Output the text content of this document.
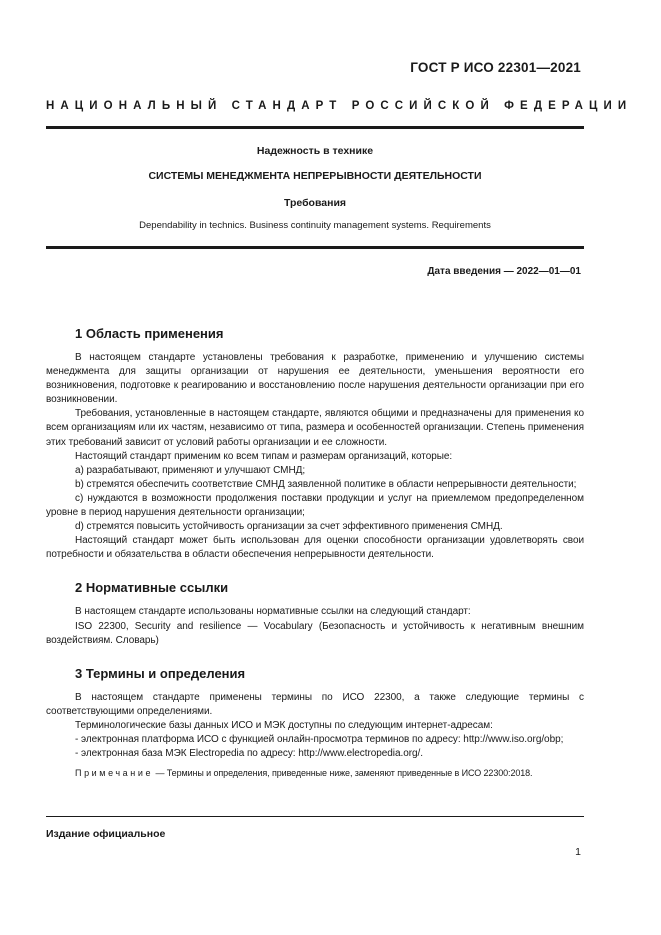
ГОСТ Р ИСО 22301—2021
НАЦИОНАЛЬНЫЙ СТАНДАРТ РОССИЙСКОЙ ФЕДЕРАЦИИ
Надежность в технике
СИСТЕМЫ МЕНЕДЖМЕНТА НЕПРЕРЫВНОСТИ ДЕЯТЕЛЬНОСТИ
Требования
Dependability in technics. Business continuity management systems. Requirements
Дата введения — 2022—01—01
1 Область применения

В настоящем стандарте установлены требования к разработке, применению и улучшению системы менеджмента для защиты организации от нарушения ее деятельности, уменьшения вероятности его возникновения, подготовке к реагированию и восстановлению после нарушения деятельности организации при его возникновении.

Требования, установленные в настоящем стандарте, являются общими и предназначены для применения ко всем организациям или их частям, независимо от типа, размера и особенностей организации. Степень применения этих требований зависит от условий работы организации и ее сложности.

Настоящий стандарт применим ко всем типам и размерам организаций, которые:

a) разрабатывают, применяют и улучшают СМНД;

b) стремятся обеспечить соответствие СМНД заявленной политике в области непрерывности деятельности;

c) нуждаются в возможности продолжения поставки продукции и услуг на приемлемом предопределенном уровне в период нарушения деятельности организации;

d) стремятся повысить устойчивость организации за счет эффективного применения СМНД.

Настоящий стандарт может быть использован для оценки способности организации удовлетворять свои потребности и обязательства в области обеспечения непрерывности деятельности.

2 Нормативные ссылки

В настоящем стандарте использованы нормативные ссылки на следующий стандарт:

ISO 22300, Security and resilience — Vocabulary (Безопасность и устойчивость к негативным внешним воздействиям. Словарь)

3 Термины и определения

В настоящем стандарте применены термины по ИСО 22300, а также следующие термины с соответствующими определениями.

Терминологические базы данных ИСО и МЭК доступны по следующим интернет-адресам:

- электронная платформа ИСО с функцией онлайн-просмотра терминов по адресу: http://www.iso.org/obp;

- электронная база МЭК Electropedia по адресу: http://www.electropedia.org/.

Примечание — Термины и определения, приведенные ниже, заменяют приведенные в ИСО 22300:2018.

Издание официальное
1
